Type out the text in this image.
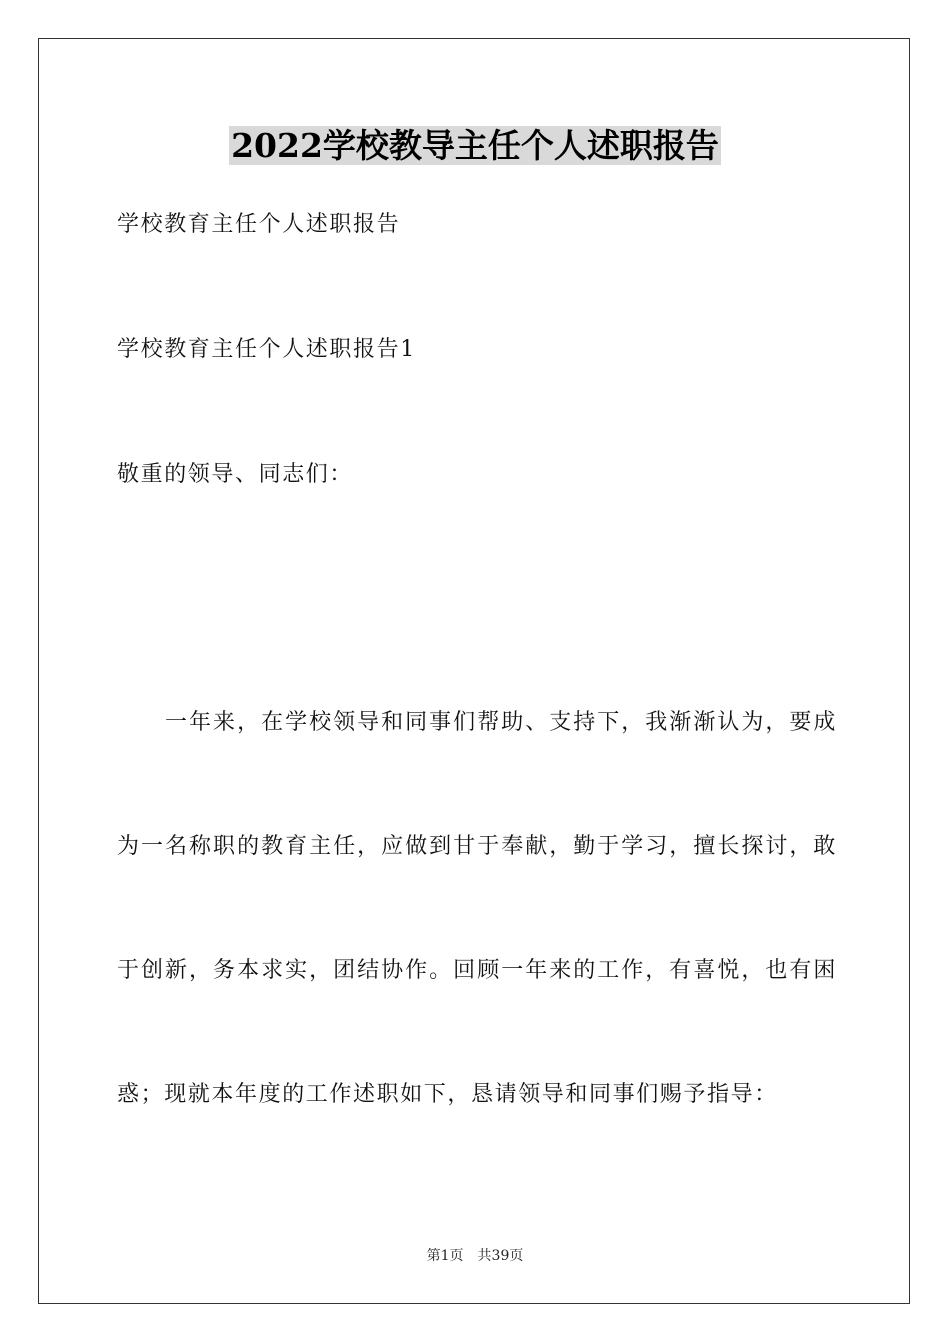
2022学校教导主任个人述职报告
学校教育主任个人述职报告
学校教育主任个人述职报告1
敬重的领导、同志们：
　　一年来，在学校领导和同事们帮助、支持下，我渐渐认为，要成
为一名称职的教育主任，应做到甘于奉献，勤于学习，擅长探讨，敢
于创新，务本求实，团结协作。回顾一年来的工作，有喜悦，也有困
惑；现就本年度的工作述职如下，恳请领导和同事们赐予指导：
第1页 共39页
